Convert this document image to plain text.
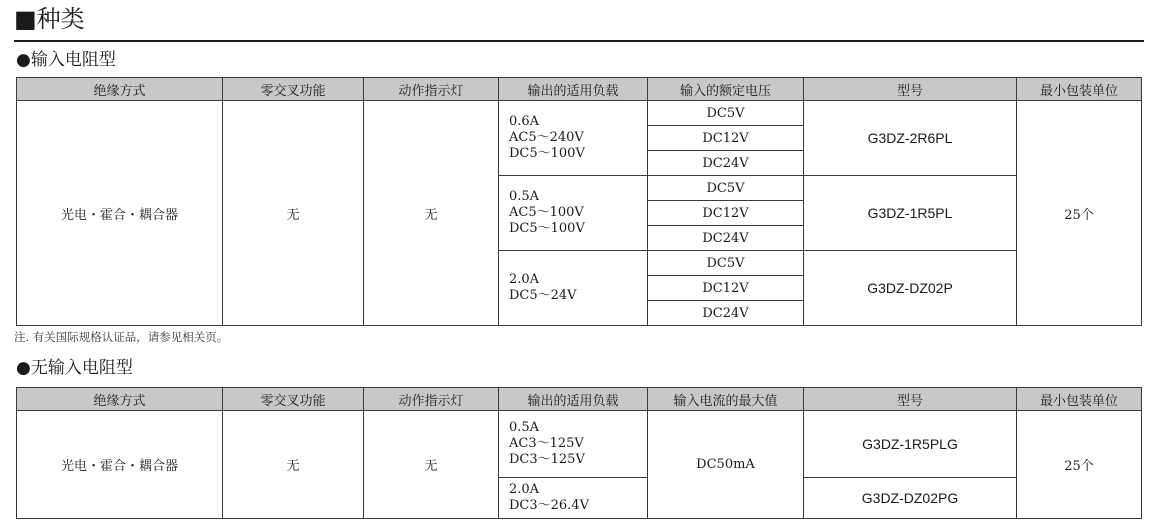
■种类
●输入电阻型
绝缘方式	零交叉功能	动作指示灯	输出的适用负载	输入的额定电压	型号	最小包装单位
光电・霍合・耦合器	无	无	0.6A
AC5～240V
DC5～100V	DC5V	G3DZ-2R6PL	25个
				DC12V		
				DC24V		

			0.5A
AC5～100V
DC5～100V	DC5V	G3DZ-1R5PL	
				DC12V		
				DC24V		

			2.0A
DC5～24V	DC5V	G3DZ-DZ02P	
				DC12V		
				DC24V		
注. 有关国际规格认证品，请参见相关页。
●无输入电阻型
绝缘方式	零交叉功能	动作指示灯	输出的适用负载	输入电流的最大值	型号	最小包装单位
光电・霍合・耦合器	无	无	0.5A
AC3～125V
DC3～125V	DC50mA	G3DZ-1R5PLG	25个

			2.0A
DC3～26.4V		G3DZ-DZ02PG	
